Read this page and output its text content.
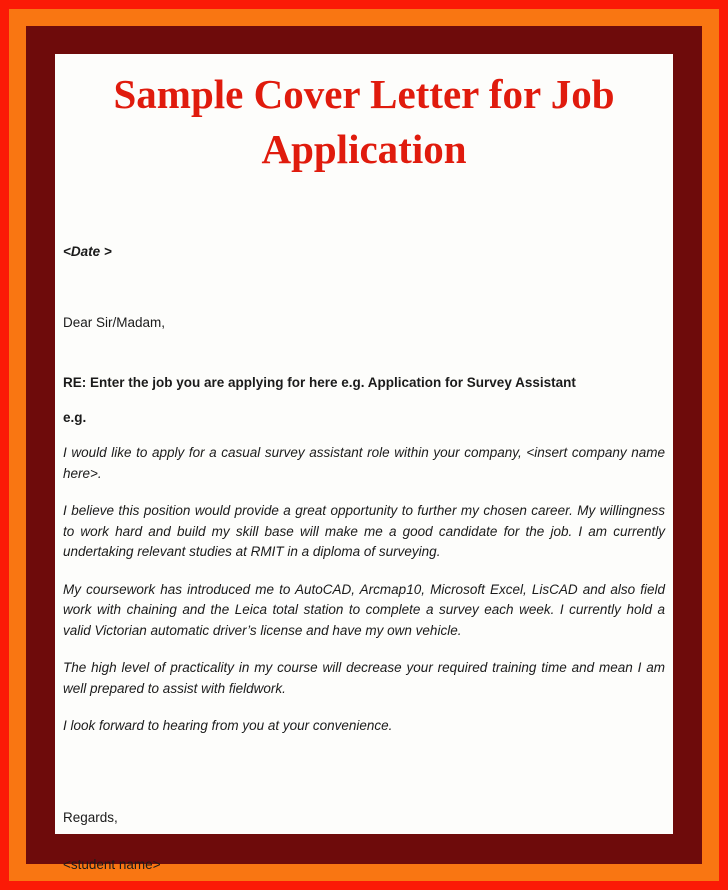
Sample Cover Letter for Job Application

<Date >

Dear Sir/Madam,

RE: Enter the job you are applying for here e.g. Application for Survey Assistant

e.g.

I would like to apply for a casual survey assistant role within your company, <insert company name here>.

I believe this position would provide a great opportunity to further my chosen career. My willingness to work hard and build my skill base will make me a good candidate for the job. I am currently undertaking relevant studies at RMIT in a diploma of surveying.

My coursework has introduced me to AutoCAD, Arcmap10, Microsoft Excel, LisCAD and also field work with chaining and the Leica total station to complete a survey each week. I currently hold a valid Victorian automatic driver’s license and have my own vehicle.

The high level of practicality in my course will decrease your required training time and mean I am well prepared to assist with fieldwork.

I look forward to hearing from you at your convenience.

Regards,

<student name>
